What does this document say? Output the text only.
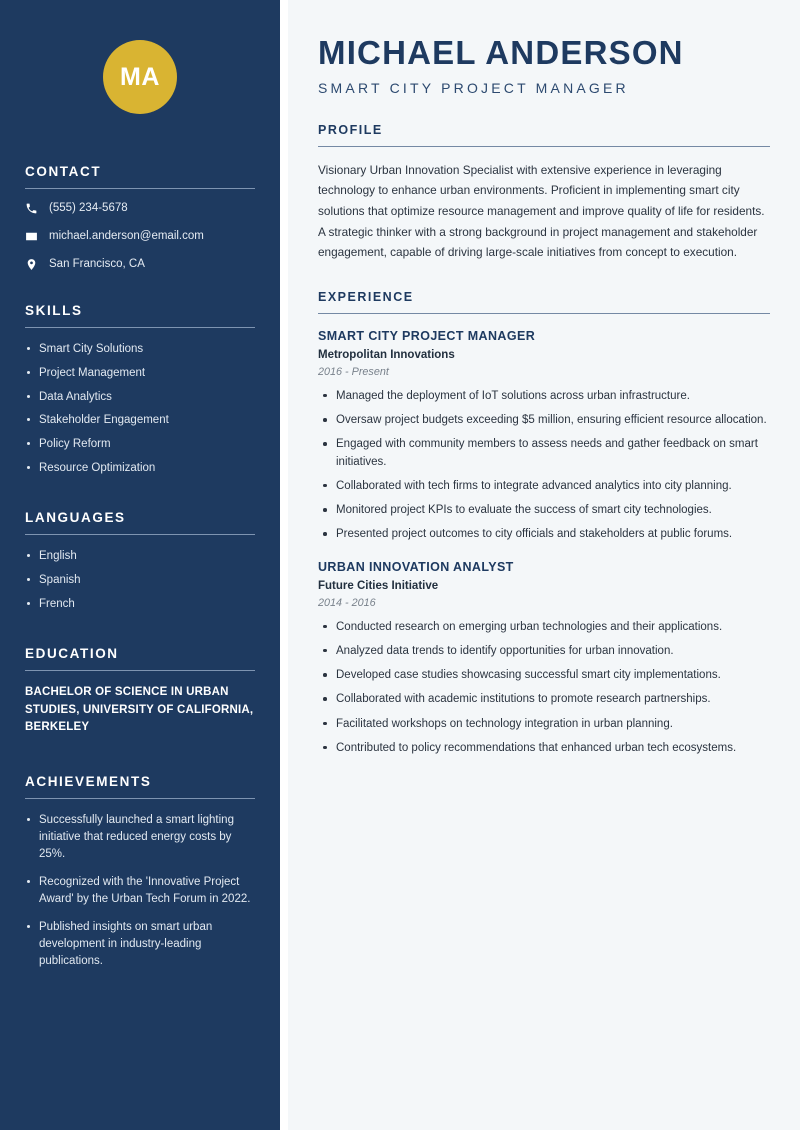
MA
CONTACT
(555) 234-5678
michael.anderson@email.com
San Francisco, CA
SKILLS
Smart City Solutions
Project Management
Data Analytics
Stakeholder Engagement
Policy Reform
Resource Optimization
LANGUAGES
English
Spanish
French
EDUCATION
BACHELOR OF SCIENCE IN URBAN STUDIES, UNIVERSITY OF CALIFORNIA, BERKELEY
ACHIEVEMENTS
Successfully launched a smart lighting initiative that reduced energy costs by 25%.
Recognized with the 'Innovative Project Award' by the Urban Tech Forum in 2022.
Published insights on smart urban development in industry-leading publications.
MICHAEL ANDERSON
SMART CITY PROJECT MANAGER
PROFILE

Visionary Urban Innovation Specialist with extensive experience in leveraging technology to enhance urban environments. Proficient in implementing smart city solutions that optimize resource management and improve quality of life for residents. A strategic thinker with a strong background in project management and stakeholder engagement, capable of driving large-scale initiatives from concept to execution.

EXPERIENCE
SMART CITY PROJECT MANAGER
Metropolitan Innovations
2016 - Present
Managed the deployment of IoT solutions across urban infrastructure.
Oversaw project budgets exceeding $5 million, ensuring efficient resource allocation.
Engaged with community members to assess needs and gather feedback on smart initiatives.
Collaborated with tech firms to integrate advanced analytics into city planning.
Monitored project KPIs to evaluate the success of smart city technologies.
Presented project outcomes to city officials and stakeholders at public forums.
URBAN INNOVATION ANALYST
Future Cities Initiative
2014 - 2016
Conducted research on emerging urban technologies and their applications.
Analyzed data trends to identify opportunities for urban innovation.
Developed case studies showcasing successful smart city implementations.
Collaborated with academic institutions to promote research partnerships.
Facilitated workshops on technology integration in urban planning.
Contributed to policy recommendations that enhanced urban tech ecosystems.
